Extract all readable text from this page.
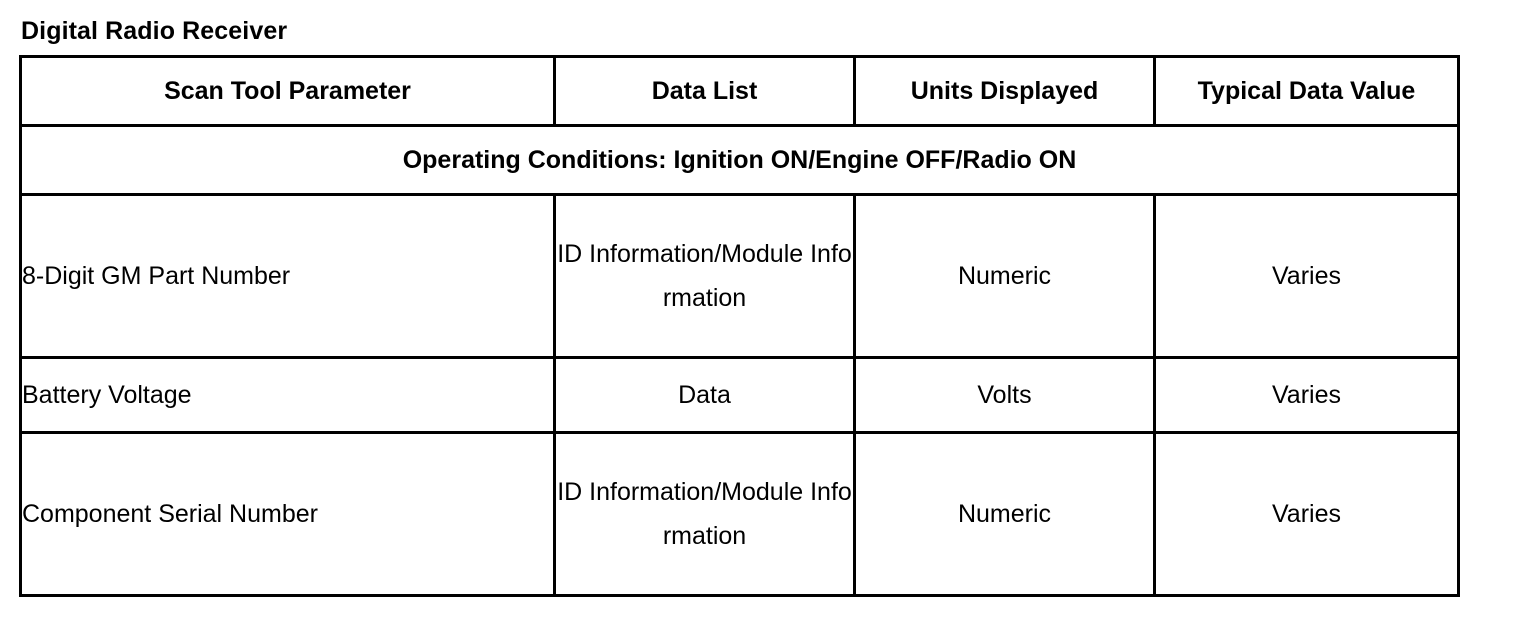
Digital Radio Receiver
Scan Tool Parameter	Data List	Units Displayed	Typical Data Value
Operating Conditions: Ignition ON/Engine OFF/Radio ON			
8-Digit GM Part Number	ID Information/Module Information	Numeric	Varies
Battery Voltage	Data	Volts	Varies
Component Serial Number	ID Information/Module Information	Numeric	Varies
